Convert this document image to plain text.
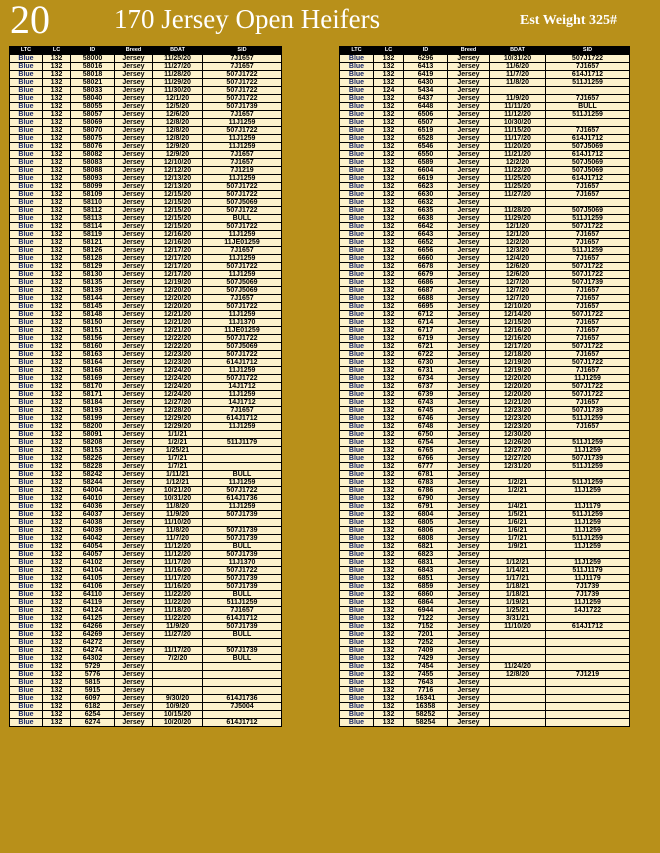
20 170 Jersey Open Heifers	Est Weight 325#
LTC	LC	ID	Breed	BDAT	SID
Blue	132	58000	Jersey	11/25/20	7J1657
Blue	132	58016	Jersey	11/27/20	7J1657
Blue	132	58018	Jersey	11/28/20	507J1722
Blue	132	58021	Jersey	11/29/20	507J1722
Blue	132	58033	Jersey	11/30/20	507J1722
Blue	132	58040	Jersey	12/1/20	507J1722
Blue	132	58055	Jersey	12/5/20	507J1739
Blue	132	58057	Jersey	12/6/20	7J1657
Blue	132	58069	Jersey	12/8/20	11J1259
Blue	132	58070	Jersey	12/8/20	507J1722
Blue	132	58075	Jersey	12/8/20	11J1259
Blue	132	58076	Jersey	12/9/20	11J1259
Blue	132	58082	Jersey	12/9/20	7J1657
Blue	132	58083	Jersey	12/10/20	7J1657
Blue	132	58088	Jersey	12/12/20	7J1219
Blue	132	58093	Jersey	12/13/20	11J1259
Blue	132	58099	Jersey	12/13/20	507J1722
Blue	132	58109	Jersey	12/15/20	507J1722
Blue	132	58110	Jersey	12/15/20	507J5069
Blue	132	58112	Jersey	12/15/20	507J1722
Blue	132	58113	Jersey	12/15/20	BULL
Blue	132	58114	Jersey	12/15/20	507J1722
Blue	132	58119	Jersey	12/16/20	11J1259
Blue	132	58121	Jersey	12/16/20	11JE01259
Blue	132	58126	Jersey	12/17/20	7J1657
Blue	132	58128	Jersey	12/17/20	11J1259
Blue	132	58129	Jersey	12/17/20	507J1722
Blue	132	58130	Jersey	12/17/20	11J1259
Blue	132	58135	Jersey	12/19/20	507J5069
Blue	132	58139	Jersey	12/20/20	507J5069
Blue	132	58144	Jersey	12/20/20	7J1657
Blue	132	58145	Jersey	12/20/20	507J1722
Blue	132	58148	Jersey	12/21/20	11J1259
Blue	132	58150	Jersey	12/21/20	11J1370
Blue	132	58151	Jersey	12/21/20	11JE01259
Blue	132	58156	Jersey	12/22/20	507J1722
Blue	132	58160	Jersey	12/22/20	507J5069
Blue	132	58163	Jersey	12/23/20	507J1722
Blue	132	58164	Jersey	12/23/20	614J1712
Blue	132	58168	Jersey	12/24/20	11J1259
Blue	132	58169	Jersey	12/24/20	507J1722
Blue	132	58170	Jersey	12/24/20	14J1712
Blue	132	58171	Jersey	12/24/20	11J1259
Blue	132	58184	Jersey	12/27/20	14J1712
Blue	132	58193	Jersey	12/28/20	7J1657
Blue	132	58199	Jersey	12/29/20	614J1712
Blue	132	58200	Jersey	12/29/20	11J1259
Blue	132	58091	Jersey	1/1/21	
Blue	132	58208	Jersey	1/2/21	511J1179
Blue	132	58153	Jersey	1/25/21	
Blue	132	58226	Jersey	1/7/21	
Blue	132	58228	Jersey	1/7/21	
Blue	132	58242	Jersey	1/11/21	BULL
Blue	132	58244	Jersey	1/12/21	11J1259
Blue	132	64004	Jersey	10/21/20	507J1722
Blue	132	64010	Jersey	10/31/20	614J1736
Blue	132	64036	Jersey	11/8/20	11J1259
Blue	132	64037	Jersey	11/9/20	507J1739
Blue	132	64038	Jersey	11/10/20	
Blue	132	64039	Jersey	11/8/20	507J1739
Blue	132	64042	Jersey	11/7/20	507J1739
Blue	132	64054	Jersey	11/12/20	BULL
Blue	132	64057	Jersey	11/12/20	507J1739
Blue	132	64102	Jersey	11/17/20	11J1370
Blue	132	64104	Jersey	11/16/20	507J1722
Blue	132	64105	Jersey	11/17/20	507J1739
Blue	132	64106	Jersey	11/16/20	507J1739
Blue	132	64110	Jersey	11/22/20	BULL
Blue	132	64119	Jersey	11/22/20	511J1259
Blue	132	64124	Jersey	11/18/20	7J1657
Blue	132	64125	Jersey	11/22/20	614J1712
Blue	132	64266	Jersey	11/9/20	507J1739
Blue	132	64269	Jersey	11/27/20	BULL
Blue	132	64272	Jersey		
Blue	132	64274	Jersey	11/17/20	507J1739
Blue	132	64302	Jersey	7/2/20	BULL
Blue	132	5729	Jersey		
Blue	132	5776	Jersey		
Blue	132	5815	Jersey		
Blue	132	5915	Jersey		
Blue	132	6097	Jersey	9/30/20	614J1736
Blue	132	6182	Jersey	10/9/20	7J5004
Blue	132	6254	Jersey	10/15/20	
Blue	132	6274	Jersey	10/20/20	614J1712
LTC	LC	ID	Breed	BDAT	SID
Blue	132	6296	Jersey	10/31/20	507J1722
Blue	132	6413	Jersey	11/6/20	7J1657
Blue	132	6419	Jersey	11/7/20	614J1712
Blue	132	6430	Jersey	11/8/20	511J1259
Blue	124	5434	Jersey		
Blue	132	6437	Jersey	11/9/20	7J1657
Blue	132	6448	Jersey	11/11/20	BULL
Blue	132	6506	Jersey	11/12/20	511J1259
Blue	132	6507	Jersey	10/30/20	
Blue	132	6519	Jersey	11/15/20	7J1657
Blue	132	6528	Jersey	11/17/20	614J1712
Blue	132	6546	Jersey	11/20/20	507J5069
Blue	132	6550	Jersey	11/21/20	614J1712
Blue	132	6589	Jersey	12/2/20	507J5069
Blue	132	6604	Jersey	11/22/20	507J5069
Blue	132	6619	Jersey	11/25/20	614J1712
Blue	132	6623	Jersey	11/25/20	7J1657
Blue	132	6630	Jersey	11/27/20	7J1657
Blue	132	6632	Jersey		
Blue	132	6635	Jersey	11/28/20	507J5069
Blue	132	6638	Jersey	11/29/20	511J1259
Blue	132	6642	Jersey	12/1/20	507J1722
Blue	132	6643	Jersey	12/1/20	7J1657
Blue	132	6652	Jersey	12/2/20	7J1657
Blue	132	6656	Jersey	12/3/20	511J1259
Blue	132	6660	Jersey	12/4/20	7J1657
Blue	132	6678	Jersey	12/6/20	507J1722
Blue	132	6679	Jersey	12/6/20	507J1722
Blue	132	6686	Jersey	12/7/20	507J1739
Blue	132	6687	Jersey	12/7/20	7J1657
Blue	132	6688	Jersey	12/7/20	7J1657
Blue	132	6695	Jersey	12/10/20	7J1657
Blue	132	6712	Jersey	12/14/20	507J1722
Blue	132	6714	Jersey	12/15/20	7J1657
Blue	132	6717	Jersey	12/16/20	7J1657
Blue	132	6719	Jersey	12/16/20	7J1657
Blue	132	6721	Jersey	12/17/20	507J1722
Blue	132	6722	Jersey	12/18/20	7J1657
Blue	132	6730	Jersey	12/19/20	507J1722
Blue	132	6731	Jersey	12/19/20	7J1657
Blue	132	6734	Jersey	12/20/20	11J1259
Blue	132	6737	Jersey	12/20/20	507J1722
Blue	132	6739	Jersey	12/20/20	507J1722
Blue	132	6743	Jersey	12/21/20	7J1657
Blue	132	6745	Jersey	12/23/20	507J1739
Blue	132	6746	Jersey	12/23/20	511J1259
Blue	132	6748	Jersey	12/23/20	7J1657
Blue	132	6750	Jersey	12/30/20	
Blue	132	6754	Jersey	12/26/20	511J1259
Blue	132	6765	Jersey	12/27/20	11J1259
Blue	132	6766	Jersey	12/27/20	507J1739
Blue	132	6777	Jersey	12/31/20	511J1259
Blue	132	6781	Jersey		
Blue	132	6783	Jersey	1/2/21	511J1259
Blue	132	6786	Jersey	1/2/21	11J1259
Blue	132	6790	Jersey		
Blue	132	6791	Jersey	1/4/21	11J1179
Blue	132	6804	Jersey	1/5/21	511J1259
Blue	132	6805	Jersey	1/6/21	11J1259
Blue	132	6806	Jersey	1/6/21	11J1259
Blue	132	6808	Jersey	1/7/21	511J1259
Blue	132	6821	Jersey	1/9/21	11J1259
Blue	132	6823	Jersey		
Blue	132	6831	Jersey	1/12/21	11J1259
Blue	132	6843	Jersey	1/14/21	511J1179
Blue	132	6851	Jersey	1/17/21	11J1179
Blue	132	6859	Jersey	1/18/21	7J1739
Blue	132	6860	Jersey	1/18/21	7J1739
Blue	132	6864	Jersey	1/19/21	11J1259
Blue	132	6944	Jersey	1/25/21	14J1722
Blue	132	7122	Jersey	3/31/21	
Blue	132	7152	Jersey	11/10/20	614J1712
Blue	132	7201	Jersey		
Blue	132	7252	Jersey		
Blue	132	7409	Jersey		
Blue	132	7429	Jersey		
Blue	132	7454	Jersey	11/24/20	
Blue	132	7455	Jersey	12/8/20	7J1219
Blue	132	7643	Jersey		
Blue	132	7716	Jersey		
Blue	132	16341	Jersey		
Blue	132	16358	Jersey		
Blue	132	58252	Jersey		
Blue	132	58254	Jersey		
